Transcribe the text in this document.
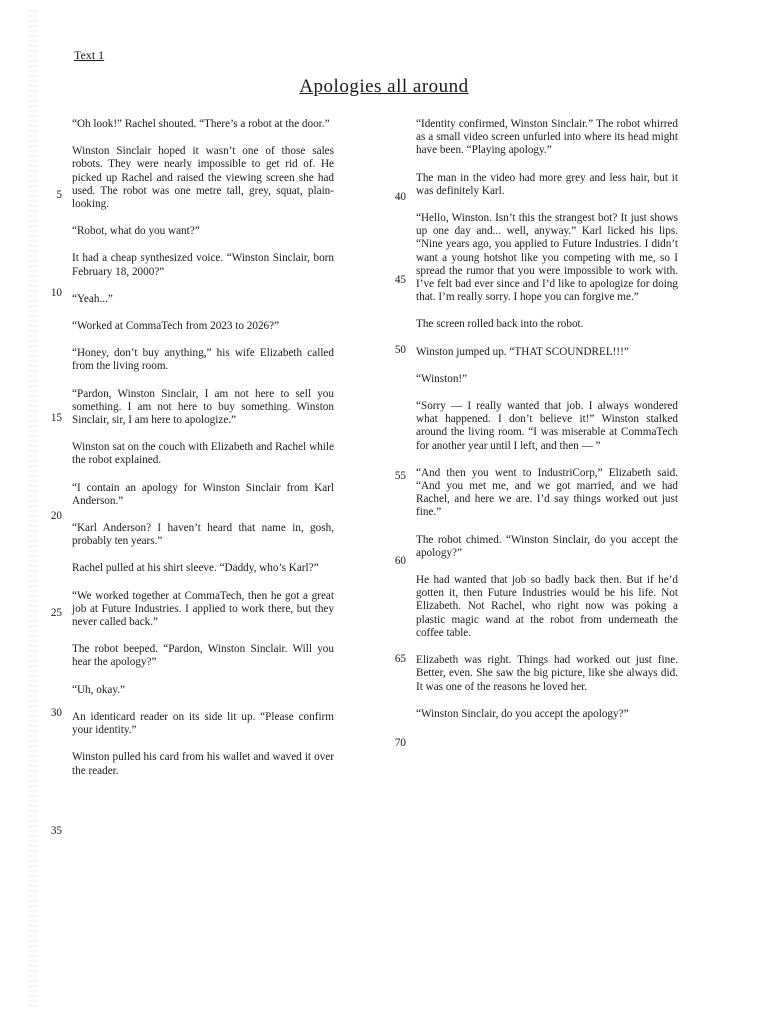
Text 1
Apologies all around

“Oh look!” Rachel shouted. “There’s a robot at the door.”

Winston Sinclair hoped it wasn’t one of those sales robots. They were nearly impossible to get rid of. He picked up Rachel and raised the viewing screen she had used. The robot was one metre tall, grey, squat, plain-looking.

“Robot, what do you want?”

It had a cheap synthesized voice. “Winston Sinclair, born February 18, 2000?”

“Yeah...”

“Worked at CommaTech from 2023 to 2026?”

“Honey, don’t buy anything,” his wife Elizabeth called from the living room.

“Pardon, Winston Sinclair, I am not here to sell you something. I am not here to buy something. Winston Sinclair, sir, I am here to apologize.”

Winston sat on the couch with Elizabeth and Rachel while the robot explained.

“I contain an apology for Winston Sinclair from Karl Anderson.”

“Karl Anderson? I haven’t heard that name in, gosh, probably ten years.”

Rachel pulled at his shirt sleeve. “Daddy, who’s Karl?”

“We worked together at CommaTech, then he got a great job at Future Industries. I applied to work there, but they never called back.”

The robot beeped. “Pardon, Winston Sinclair. Will you hear the apology?”

“Uh, okay.”

An identicard reader on its side lit up. “Please confirm your identity.”

Winston pulled his card from his wallet and waved it over the reader.

“Identity confirmed, Winston Sinclair.” The robot whirred as a small video screen unfurled into where its head might have been. “Playing apology.”

The man in the video had more grey and less hair, but it was definitely Karl.

“Hello, Winston. Isn’t this the strangest bot? It just shows up one day and... well, anyway.” Karl licked his lips. “Nine years ago, you applied to Future Industries. I didn’t want a young hotshot like you competing with me, so I spread the rumor that you were impossible to work with. I’ve felt bad ever since and I’d like to apologize for doing that. I’m really sorry. I hope you can forgive me.”

The screen rolled back into the robot.

Winston jumped up. “THAT SCOUNDREL!!!”

“Winston!”

“Sorry — I really wanted that job. I always wondered what happened. I don’t believe it!” Winston stalked around the living room. “I was miserable at CommaTech for another year until I left, and then — ”

“And then you went to IndustriCorp,” Elizabeth said. “And you met me, and we got married, and we had Rachel, and here we are. I’d say things worked out just fine.”

The robot chimed. “Winston Sinclair, do you accept the apology?”

He had wanted that job so badly back then. But if he’d gotten it, then Future Industries would be his life. Not Elizabeth. Not Rachel, who right now was poking a plastic magic wand at the robot from underneath the coffee table.

Elizabeth was right. Things had worked out just fine. Better, even. She saw the big picture, like she always did. It was one of the reasons he loved her.

“Winston Sinclair, do you accept the apology?”

5
10
15
20
25
30
35
40
45
50
55
60
65
70
